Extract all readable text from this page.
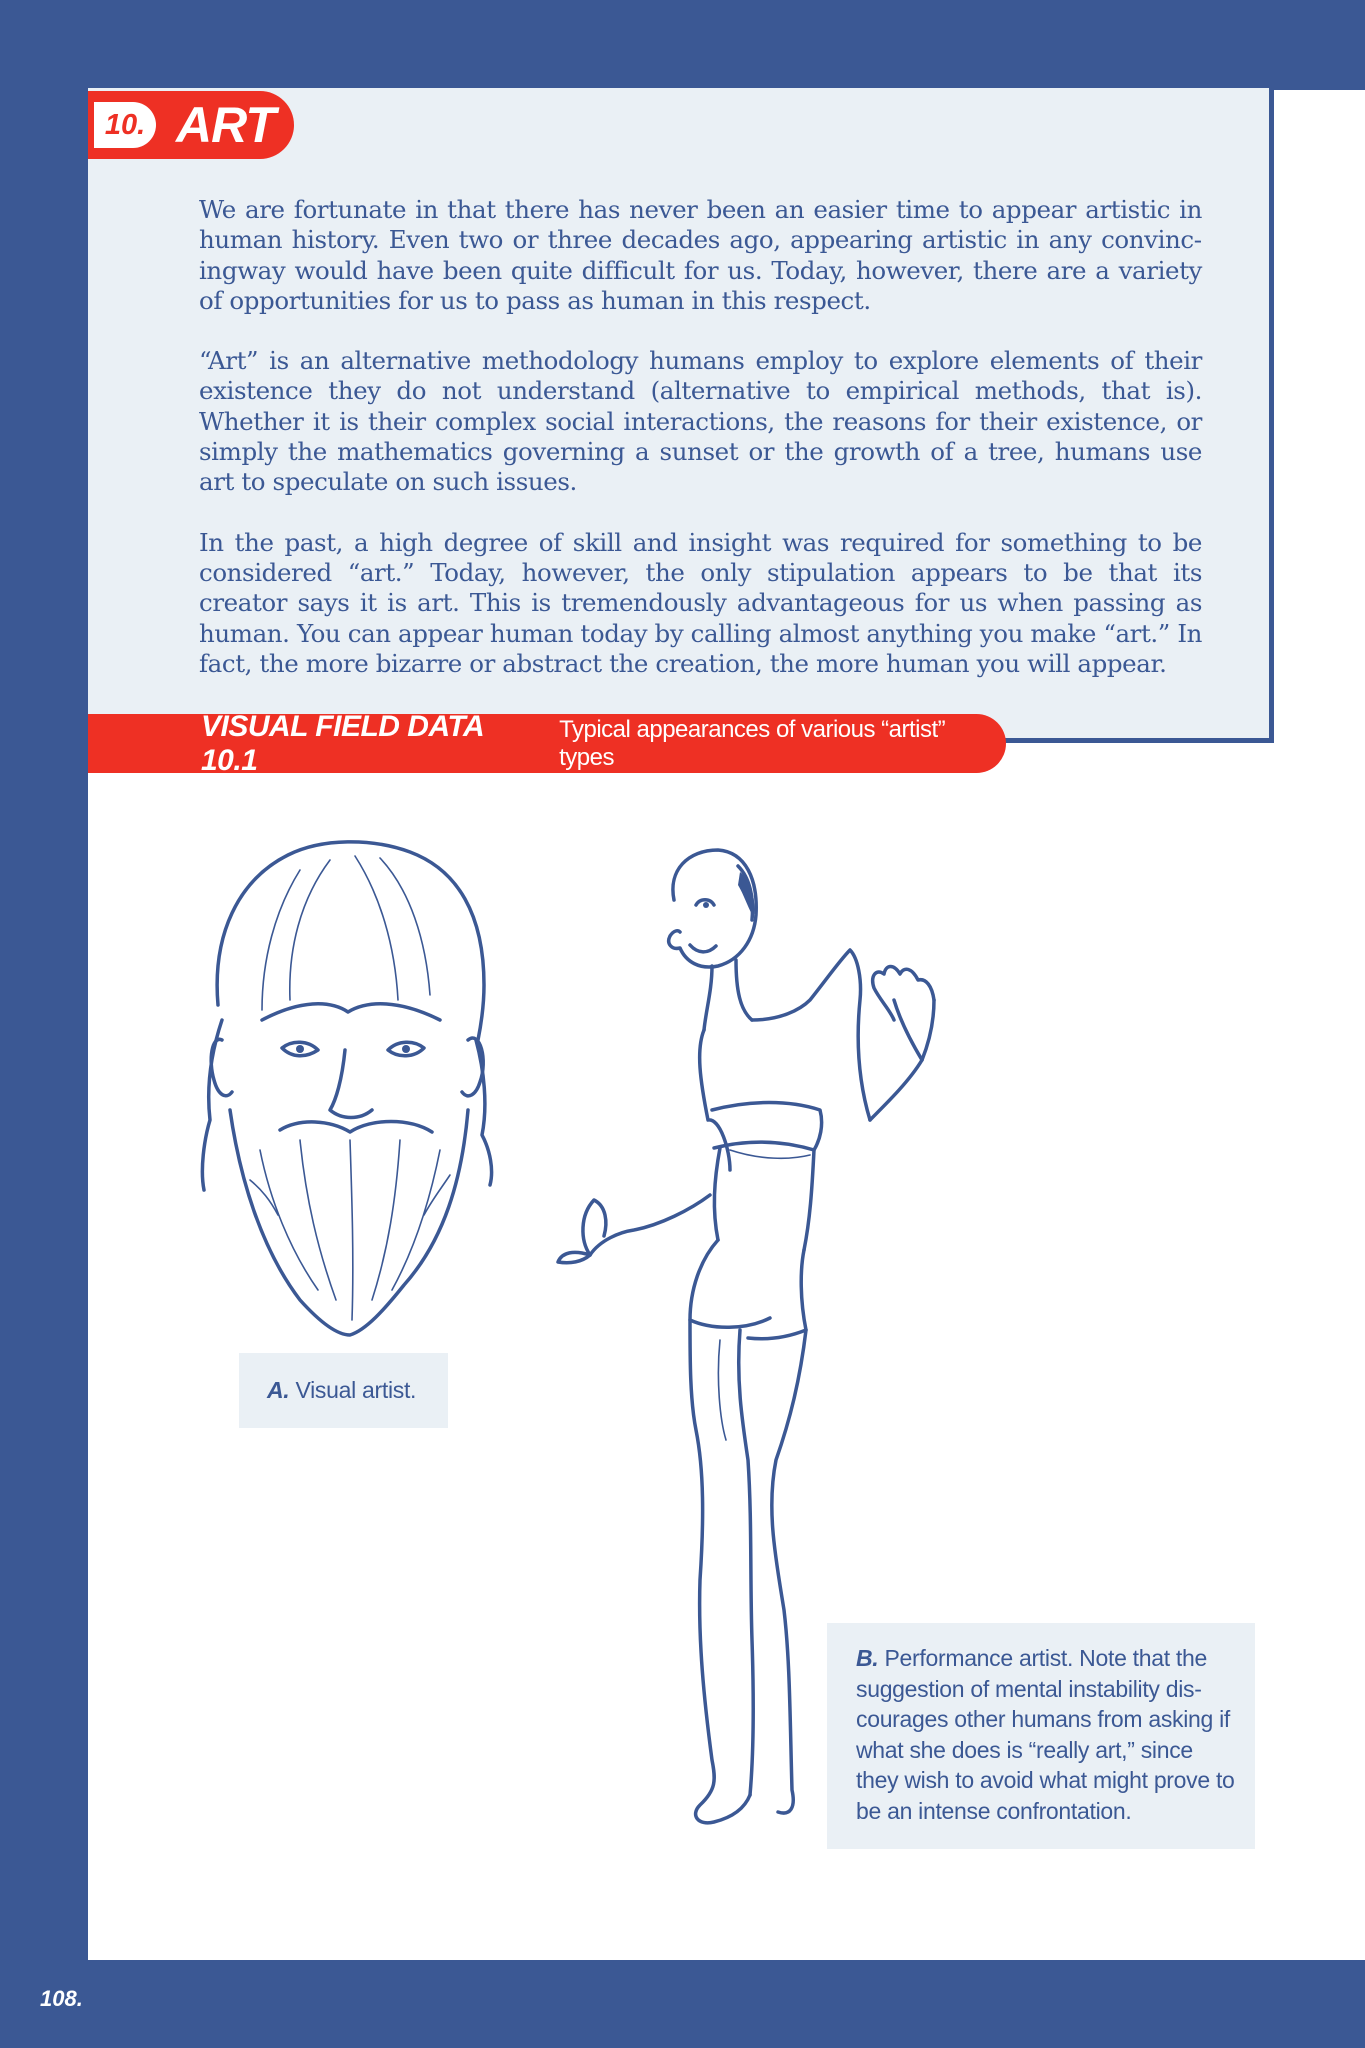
10. ART

We are fortunate in that there has never been an easier time to appear artistic in human history. Even two or three decades ago, appearing artistic in any convincingway would have been quite difficult for us. Today, however, there are a variety of opportunities for us to pass as human in this respect.

“Art” is an alternative methodology humans employ to explore elements of their existence they do not understand (alternative to empirical methods, that is). Whether it is their complex social interactions, the reasons for their existence, or simply the mathematics governing a sunset or the growth of a tree, humans use art to speculate on such issues.

In the past, a high degree of skill and insight was required for something to be considered “art.” Today, however, the only stipulation appears to be that its creator says it is art. This is tremendously advantageous for us when passing as human. You can appear human today by calling almost anything you make “art.” In fact, the more bizarre or abstract the creation, the more human you will appear.

VISUAL FIELD DATA 10.1
Typical appearances of various “artist” types
A. Visual artist.
B. Performance artist. Note that the suggestion of mental instability discourages other humans from asking if what she does is “really art,” since they wish to avoid what might prove to be an intense confrontation.
108.
